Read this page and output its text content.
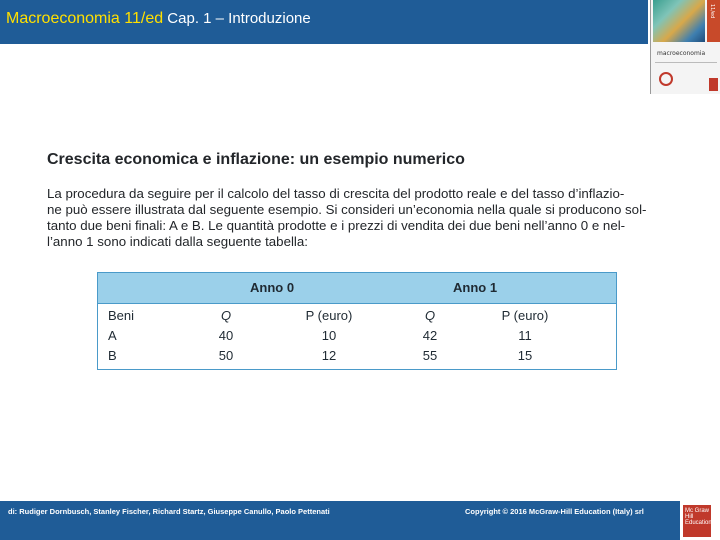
Macroeconomia 11/ed Cap. 1 – Introduzione	11/ed
macroeconomia
Crescita economica e inflazione: un esempio numerico
La procedura da seguire per il calcolo del tasso di crescita del prodotto reale e del tasso d’inflazio-
ne può essere illustrata dal seguente esempio. Si consideri un’economia nella quale si producono sol-
tanto due beni finali: A e B. Le quantità prodotte e i prezzi di vendita dei due beni nell’anno 0 e nel-
l’anno 1 sono indicati dalla seguente tabella:
Anno 0	Anno 1
Beni	Q	P (euro)	Q	P (euro)
A	40	10	42	11
B	50	12	55	15
di: Rudiger Dornbusch, Stanley Fischer, Richard Startz, Giuseppe Canullo, Paolo Pettenati	Copyright © 2016 McGraw-Hill Education (Italy) srl	Mc Graw Hill Education
